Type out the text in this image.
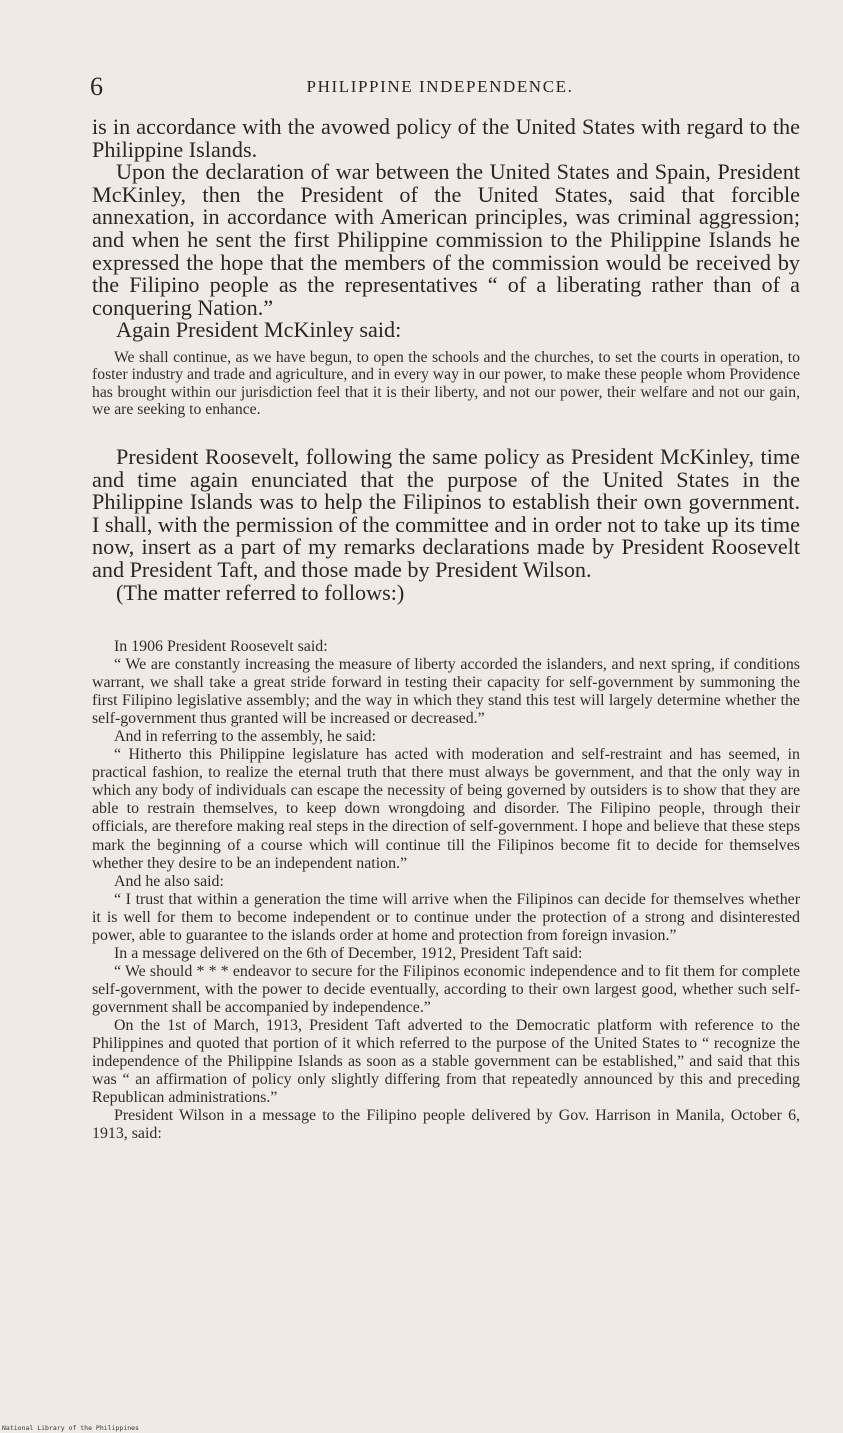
6	PHILIPPINE INDEPENDENCE.

is in accordance with the avowed policy of the United States with regard to the Philippine Islands.

Upon the declaration of war between the United States and Spain, President McKinley, then the President of the United States, said that forcible annexation, in accordance with American principles, was criminal aggression; and when he sent the first Philippine commission to the Philippine Islands he expressed the hope that the members of the commission would be received by the Filipino people as the representatives “ of a liberating rather than of a conquering Nation.”

Again President McKinley said:

We shall continue, as we have begun, to open the schools and the churches, to set the courts in operation, to foster industry and trade and agriculture, and in every way in our power, to make these people whom Providence has brought within our jurisdiction feel that it is their liberty, and not our power, their welfare and not our gain, we are seeking to enhance.

President Roosevelt, following the same policy as President McKinley, time and time again enunciated that the purpose of the United States in the Philippine Islands was to help the Filipinos to establish their own government. I shall, with the permission of the committee and in order not to take up its time now, insert as a part of my remarks declarations made by President Roosevelt and President Taft, and those made by President Wilson.

(The matter referred to follows:)

In 1906 President Roosevelt said:

“ We are constantly increasing the measure of liberty accorded the islanders, and next spring, if conditions warrant, we shall take a great stride forward in testing their capacity for self-government by summoning the first Filipino legislative assembly; and the way in which they stand this test will largely determine whether the self-government thus granted will be increased or decreased.”

And in referring to the assembly, he said:

“ Hitherto this Philippine legislature has acted with moderation and self-restraint and has seemed, in practical fashion, to realize the eternal truth that there must always be government, and that the only way in which any body of individuals can escape the necessity of being governed by outsiders is to show that they are able to restrain themselves, to keep down wrongdoing and disorder. The Filipino people, through their officials, are therefore making real steps in the direction of self-government. I hope and believe that these steps mark the beginning of a course which will continue till the Filipinos become fit to decide for themselves whether they desire to be an independent nation.”

And he also said:

“ I trust that within a generation the time will arrive when the Filipinos can decide for themselves whether it is well for them to become independent or to continue under the protection of a strong and disinterested power, able to guarantee to the islands order at home and protection from foreign invasion.”

In a message delivered on the 6th of December, 1912, President Taft said:

“ We should * * * endeavor to secure for the Filipinos economic independence and to fit them for complete self-government, with the power to decide eventually, according to their own largest good, whether such self-government shall be accompanied by independence.”

On the 1st of March, 1913, President Taft adverted to the Democratic platform with reference to the Philippines and quoted that portion of it which referred to the purpose of the United States to “ recognize the independence of the Philippine Islands as soon as a stable government can be established,” and said that this was “ an affirmation of policy only slightly differing from that repeatedly announced by this and preceding Republican administrations.”

President Wilson in a message to the Filipino people delivered by Gov. Harrison in Manila, October 6, 1913, said:

National Library of the Philippines
